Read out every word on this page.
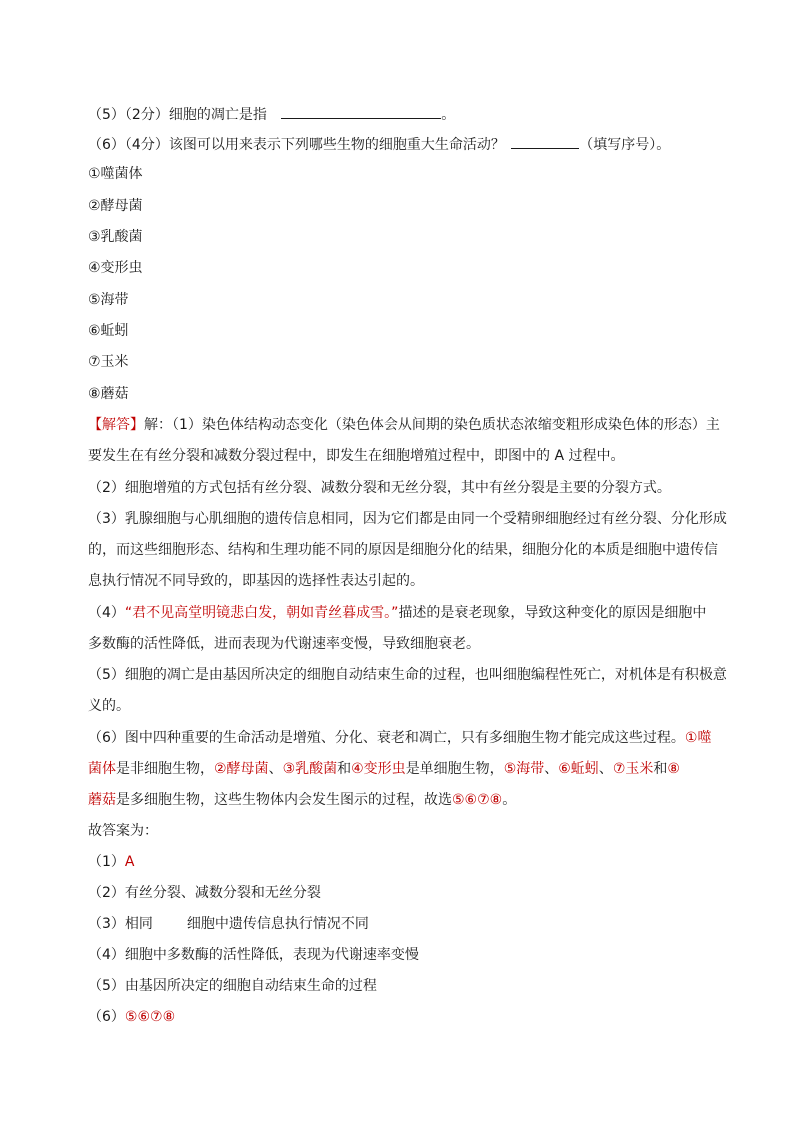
（5）（2分）细胞的凋亡是指	。
（6）（4分）该图可以用来表示下列哪些生物的细胞重大生命活动？	（填写序号）。
①噬菌体
②酵母菌
③乳酸菌
④变形虫
⑤海带
⑥蚯蚓
⑦玉米
⑧蘑菇
【解答】解：（1）染色体结构动态变化（染色体会从间期的染色质状态浓缩变粗形成染色体的形态）主
要发生在有丝分裂和减数分裂过程中，即发生在细胞增殖过程中，即图中的 A 过程中。
（2）细胞增殖的方式包括有丝分裂、减数分裂和无丝分裂，其中有丝分裂是主要的分裂方式。
（3）乳腺细胞与心肌细胞的遗传信息相同，因为它们都是由同一个受精卵细胞经过有丝分裂、分化形成
的，而这些细胞形态、结构和生理功能不同的原因是细胞分化的结果，细胞分化的本质是细胞中遗传信
息执行情况不同导致的，即基因的选择性表达引起的。
（4）“君不见高堂明镜悲白发，朝如青丝暮成雪。”描述的是衰老现象，导致这种变化的原因是细胞中
多数酶的活性降低，进而表现为代谢速率变慢，导致细胞衰老。
（5）细胞的凋亡是由基因所决定的细胞自动结束生命的过程，也叫细胞编程性死亡，对机体是有积极意
义的。
（6）图中四种重要的生命活动是增殖、分化、衰老和凋亡，只有多细胞生物才能完成这些过程。①噬
菌体是非细胞生物，②酵母菌、③乳酸菌和④变形虫是单细胞生物，⑤海带、⑥蚯蚓、⑦玉米和⑧
蘑菇是多细胞生物，这些生物体内会发生图示的过程，故选⑤⑥⑦⑧。
故答案为：
（1）A
（2）有丝分裂、减数分裂和无丝分裂
（3）相同 细胞中遗传信息执行情况不同
（4）细胞中多数酶的活性降低，表现为代谢速率变慢
（5）由基因所决定的细胞自动结束生命的过程
（6）⑤⑥⑦⑧
